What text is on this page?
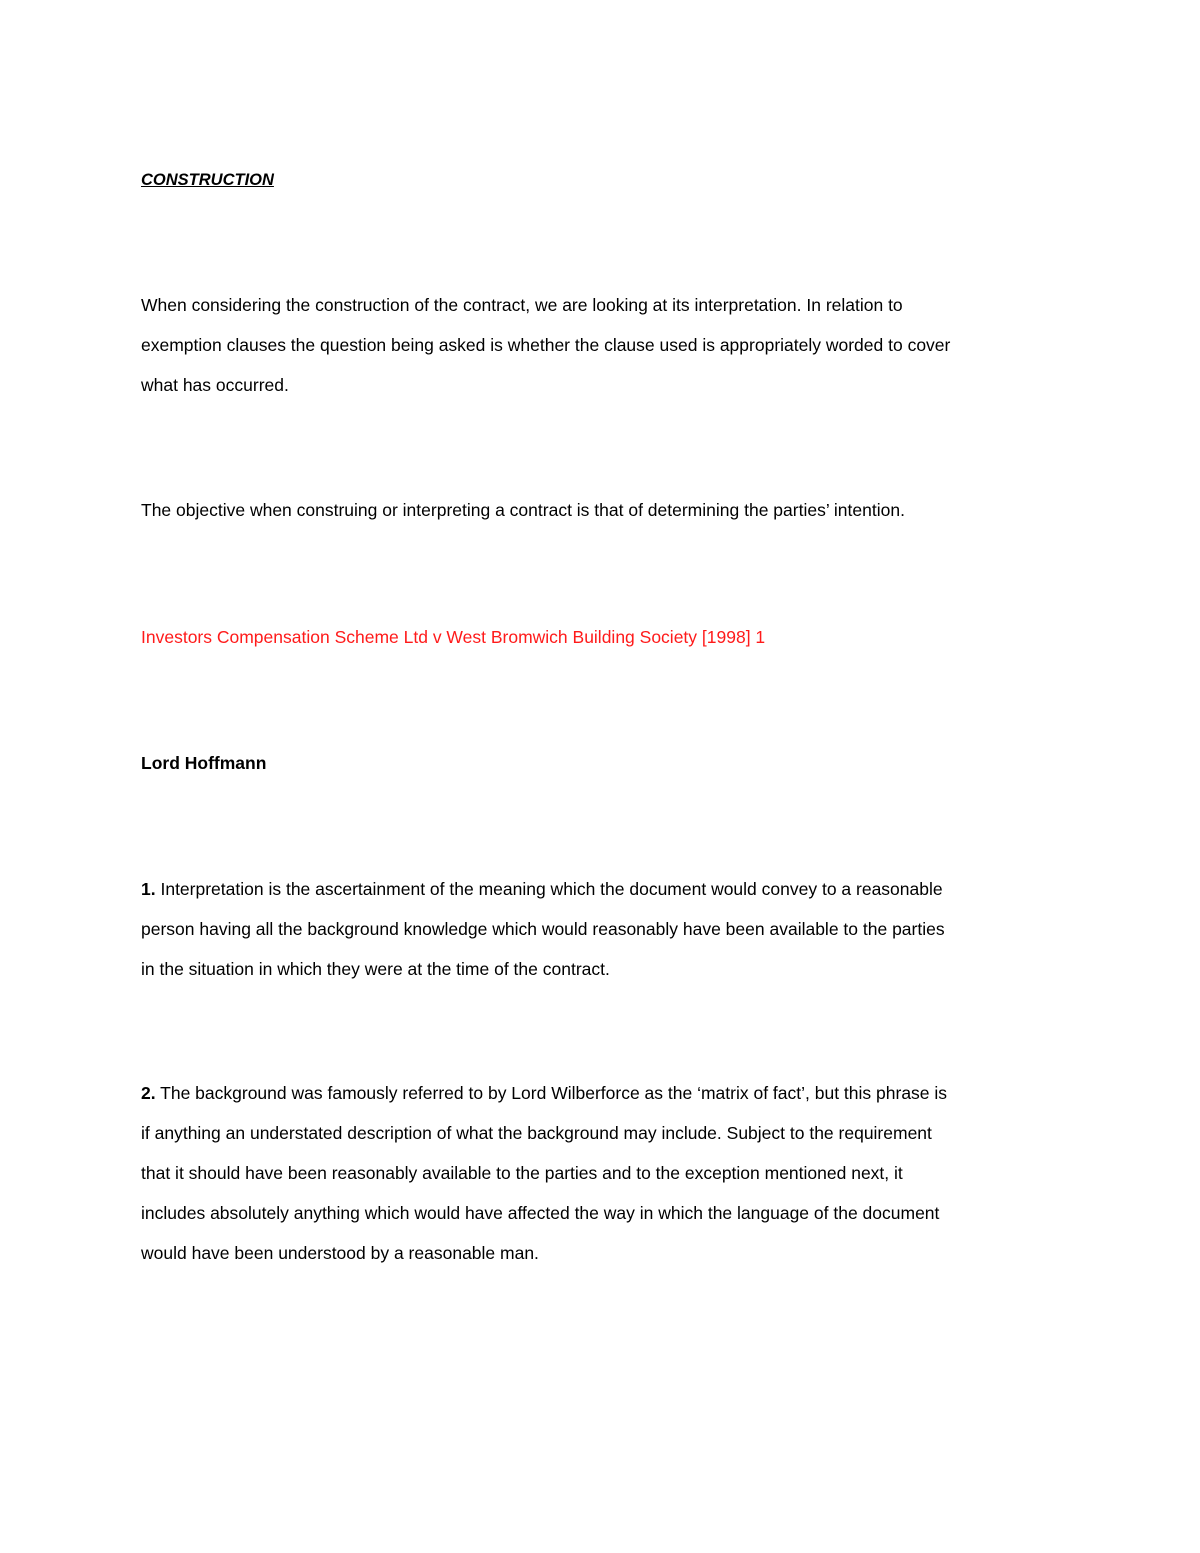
CONSTRUCTION

When considering the construction of the contract, we are looking at its interpretation. In relation to
exemption clauses the question being asked is whether the clause used is appropriately worded to cover
what has occurred.

The objective when construing or interpreting a contract is that of determining the parties’ intention.

Investors Compensation Scheme Ltd v West Bromwich Building Society [1998] 1

Lord Hoffmann

1. Interpretation is the ascertainment of the meaning which the document would convey to a reasonable
person having all the background knowledge which would reasonably have been available to the parties
in the situation in which they were at the time of the contract.

2. The background was famously referred to by Lord Wilberforce as the ‘matrix of fact’, but this phrase is
if anything an understated description of what the background may include. Subject to the requirement
that it should have been reasonably available to the parties and to the exception mentioned next, it
includes absolutely anything which would have affected the way in which the language of the document
would have been understood by a reasonable man.
